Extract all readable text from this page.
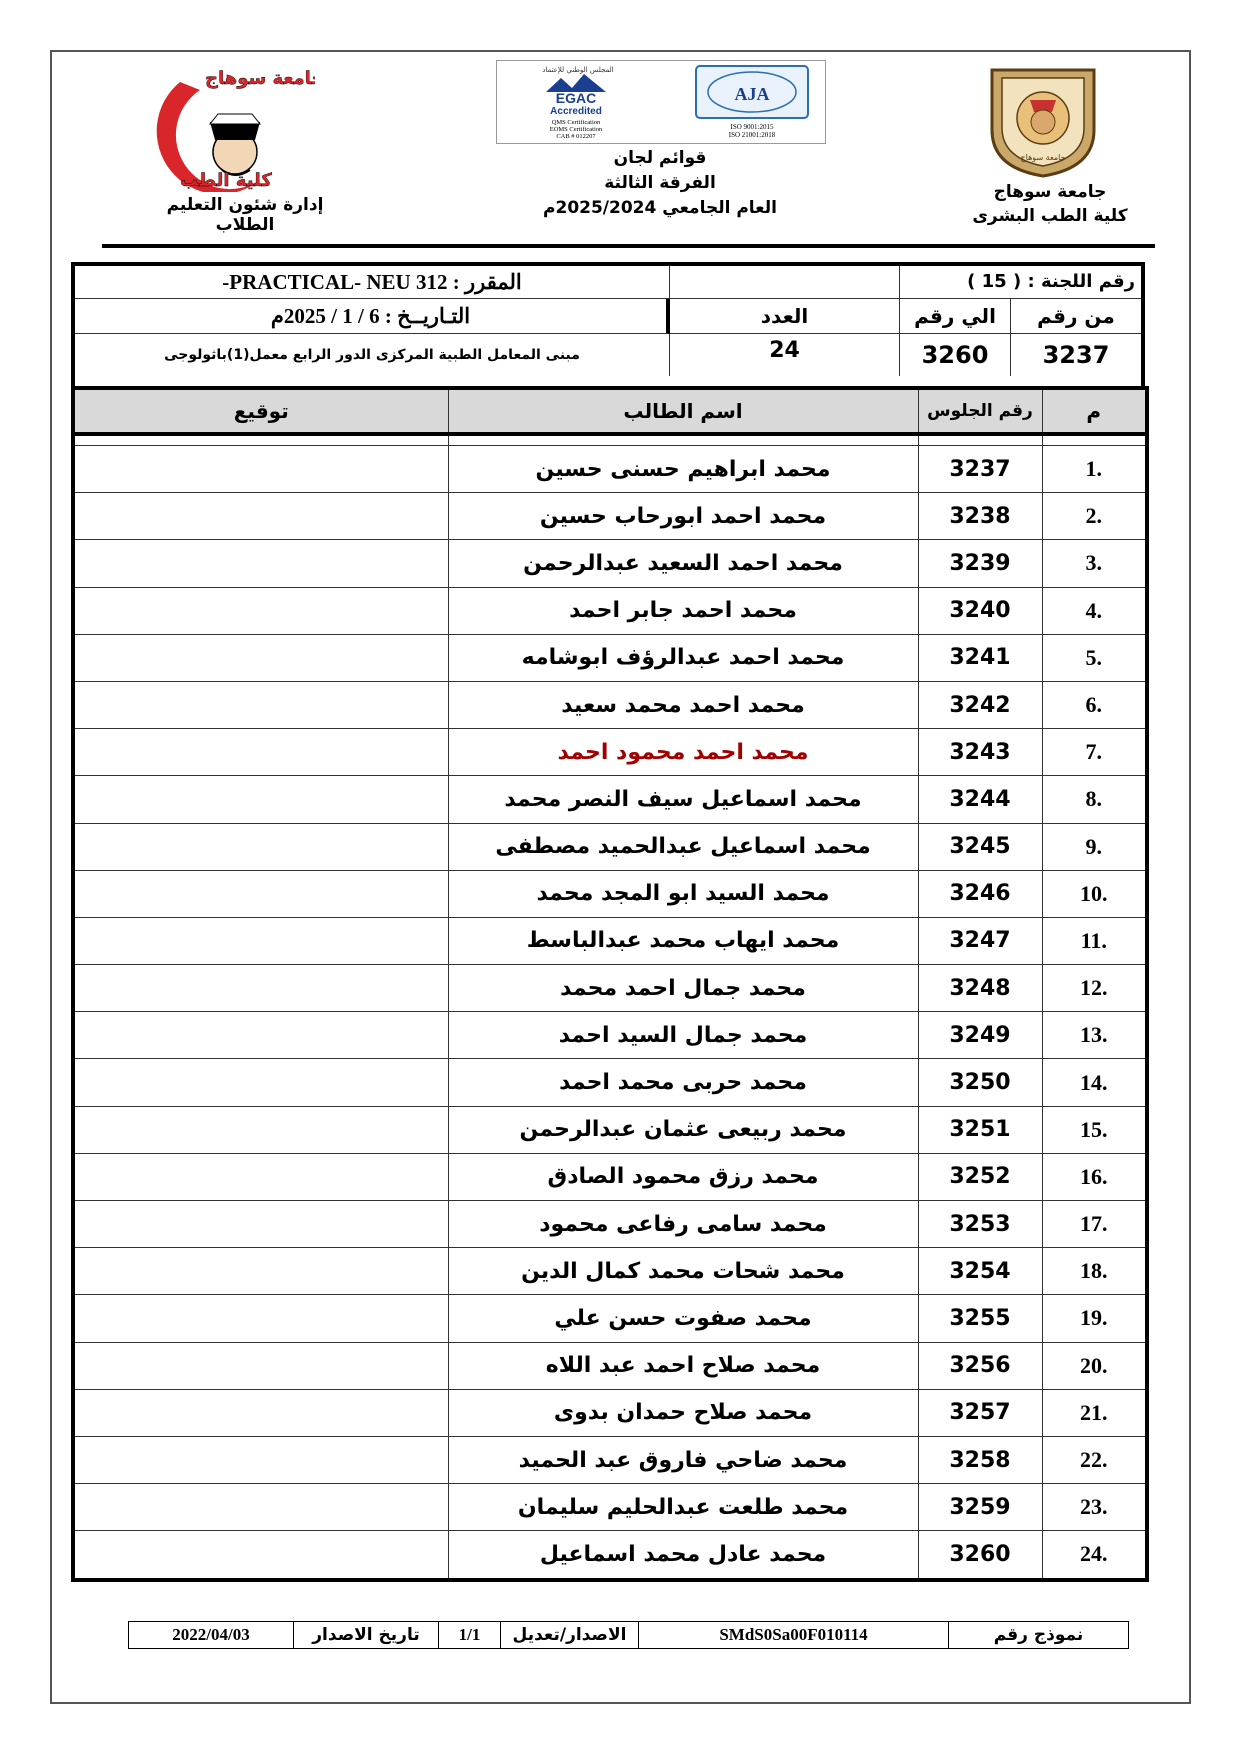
جامعة سوهاج
كلية الطب
إدارة شئون التعليم الطلاب
المجلس الوطني للإعتماد
EGAC
Accredited
QMS Certification
EOMS Certification
CAB # 012207
AJA
ISO 9001:2015
ISO 21001:2018
قوائم لجان
الفرقة الثالثة
العام الجامعي 2025/2024م
جامعة سوهاج
جامعة سوهاج
كلية الطب البشرى
المقرر : PRACTICAL- NEU 312-	رقم اللجنة : ( 15 )
التـاريــخ : 6 / 1 / 2025م	العدد	الي رقم	من رقم
مبنى المعامل الطبية المركزى الدور الرابع معمل(1)باثولوجى	24	3260	3237
توقيع	اسم الطالب	رقم الجلوس	م

	محمد ابراهيم حسنى حسين	3237	1.
	محمد احمد ابورحاب حسين	3238	2.
	محمد احمد السعيد عبدالرحمن	3239	3.
	محمد احمد جابر احمد	3240	4.
	محمد احمد عبدالرؤف ابوشامه	3241	5.
	محمد احمد محمد سعيد	3242	6.
	محمد احمد محمود احمد	3243	7.
	محمد اسماعيل سيف النصر محمد	3244	8.
	محمد اسماعيل عبدالحميد مصطفى	3245	9.
	محمد السيد ابو المجد محمد	3246	10.
	محمد ايهاب محمد عبدالباسط	3247	11.
	محمد جمال احمد محمد	3248	12.
	محمد جمال السيد احمد	3249	13.
	محمد حربى محمد احمد	3250	14.
	محمد ربيعى عثمان عبدالرحمن	3251	15.
	محمد رزق محمود الصادق	3252	16.
	محمد سامى رفاعى محمود	3253	17.
	محمد شحات محمد كمال الدين	3254	18.
	محمد صفوت حسن علي	3255	19.
	محمد صلاح احمد عبد اللاه	3256	20.
	محمد صلاح حمدان بدوى	3257	21.
	محمد ضاحي فاروق عبد الحميد	3258	22.
	محمد طلعت عبدالحليم سليمان	3259	23.
	محمد عادل محمد اسماعيل	3260	24.
2022/04/03	تاريخ الاصدار	1/1	الاصدار/تعديل	SMdS0Sa00F010114	نموذج رقم
